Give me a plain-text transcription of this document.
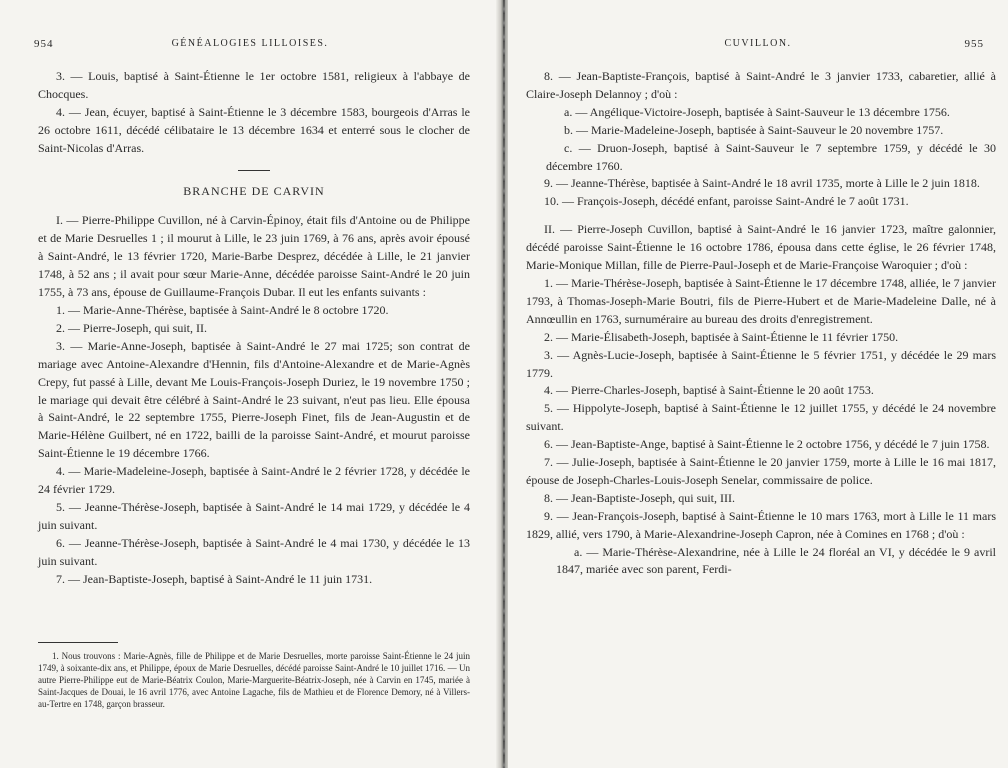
954	GÉNÉALOGIES LILLOISES.

3. — Louis, baptisé à Saint-Étienne le 1er octobre 1581, religieux à l'abbaye de Chocques.

4. — Jean, écuyer, baptisé à Saint-Étienne le 3 décembre 1583, bourgeois d'Arras le 26 octobre 1611, décédé célibataire le 13 décembre 1634 et enterré sous le clocher de Saint-Nicolas d'Arras.

BRANCHE DE CARVIN

I. — Pierre-Philippe Cuvillon, né à Carvin-Épinoy, était fils d'Antoine ou de Philippe et de Marie Desruelles 1 ; il mourut à Lille, le 23 juin 1769, à 76 ans, après avoir épousé à Saint-André, le 13 février 1720, Marie-Barbe Desprez, décédée à Lille, le 21 janvier 1748, à 52 ans ; il avait pour sœur Marie-Anne, décédée paroisse Saint-André le 20 juin 1755, à 73 ans, épouse de Guillaume-François Dubar. Il eut les enfants suivants :

1. — Marie-Anne-Thérèse, baptisée à Saint-André le 8 octobre 1720.

2. — Pierre-Joseph, qui suit, II.

3. — Marie-Anne-Joseph, baptisée à Saint-André le 27 mai 1725; son contrat de mariage avec Antoine-Alexandre d'Hennin, fils d'Antoine-Alexandre et de Marie-Agnès Crepy, fut passé à Lille, devant Me Louis-François-Joseph Duriez, le 19 novembre 1750 ; le mariage qui devait être célébré à Saint-André le 23 suivant, n'eut pas lieu. Elle épousa à Saint-André, le 22 septembre 1755, Pierre-Joseph Finet, fils de Jean-Augustin et de Marie-Hélène Guilbert, né en 1722, bailli de la paroisse Saint-André, et mourut paroisse Saint-Étienne le 19 décembre 1766.

4. — Marie-Madeleine-Joseph, baptisée à Saint-André le 2 février 1728, y décédée le 24 février 1729.

5. — Jeanne-Thérèse-Joseph, baptisée à Saint-André le 14 mai 1729, y décédée le 4 juin suivant.

6. — Jeanne-Thérèse-Joseph, baptisée à Saint-André le 4 mai 1730, y décédée le 13 juin suivant.

7. — Jean-Baptiste-Joseph, baptisé à Saint-André le 11 juin 1731.

1. Nous trouvons : Marie-Agnès, fille de Philippe et de Marie Desruelles, morte paroisse Saint-Étienne le 24 juin 1749, à soixante-dix ans, et Philippe, époux de Marie Desruelles, décédé paroisse Saint-André le 10 juillet 1716. — Un autre Pierre-Philippe eut de Marie-Béatrix Coulon, Marie-Marguerite-Béatrix-Joseph, née à Carvin en 1745, mariée à Saint-Jacques de Douai, le 16 avril 1776, avec Antoine Lagache, fils de Mathieu et de Florence Demory, né à Villers-au-Tertre en 1748, garçon brasseur.

CUVILLON.	955

8. — Jean-Baptiste-François, baptisé à Saint-André le 3 janvier 1733, cabaretier, allié à Claire-Joseph Delannoy ; d'où :

a. — Angélique-Victoire-Joseph, baptisée à Saint-Sauveur le 13 décembre 1756.

b. — Marie-Madeleine-Joseph, baptisée à Saint-Sauveur le 20 novembre 1757.

c. — Druon-Joseph, baptisé à Saint-Sauveur le 7 septembre 1759, y décédé le 30 décembre 1760.

9. — Jeanne-Thérèse, baptisée à Saint-André le 18 avril 1735, morte à Lille le 2 juin 1818.

10. — François-Joseph, décédé enfant, paroisse Saint-André le 7 août 1731.

II. — Pierre-Joseph Cuvillon, baptisé à Saint-André le 16 janvier 1723, maître galonnier, décédé paroisse Saint-Étienne le 16 octobre 1786, épousa dans cette église, le 26 février 1748, Marie-Monique Millan, fille de Pierre-Paul-Joseph et de Marie-Françoise Waroquier ; d'où :

1. — Marie-Thérèse-Joseph, baptisée à Saint-Étienne le 17 décembre 1748, alliée, le 7 janvier 1793, à Thomas-Joseph-Marie Boutri, fils de Pierre-Hubert et de Marie-Madeleine Dalle, né à Annœullin en 1763, surnuméraire au bureau des droits d'enregistrement.

2. — Marie-Élisabeth-Joseph, baptisée à Saint-Étienne le 11 février 1750.

3. — Agnès-Lucie-Joseph, baptisée à Saint-Étienne le 5 février 1751, y décédée le 29 mars 1779.

4. — Pierre-Charles-Joseph, baptisé à Saint-Étienne le 20 août 1753.

5. — Hippolyte-Joseph, baptisé à Saint-Étienne le 12 juillet 1755, y décédé le 24 novembre suivant.

6. — Jean-Baptiste-Ange, baptisé à Saint-Étienne le 2 octobre 1756, y décédé le 7 juin 1758.

7. — Julie-Joseph, baptisée à Saint-Étienne le 20 janvier 1759, morte à Lille le 16 mai 1817, épouse de Joseph-Charles-Louis-Joseph Senelar, commissaire de police.

8. — Jean-Baptiste-Joseph, qui suit, III.

9. — Jean-François-Joseph, baptisé à Saint-Étienne le 10 mars 1763, mort à Lille le 11 mars 1829, allié, vers 1790, à Marie-Alexandrine-Joseph Capron, née à Comines en 1768 ; d'où :

a. — Marie-Thérèse-Alexandrine, née à Lille le 24 floréal an VI, y décédée le 9 avril 1847, mariée avec son parent, Ferdi-
